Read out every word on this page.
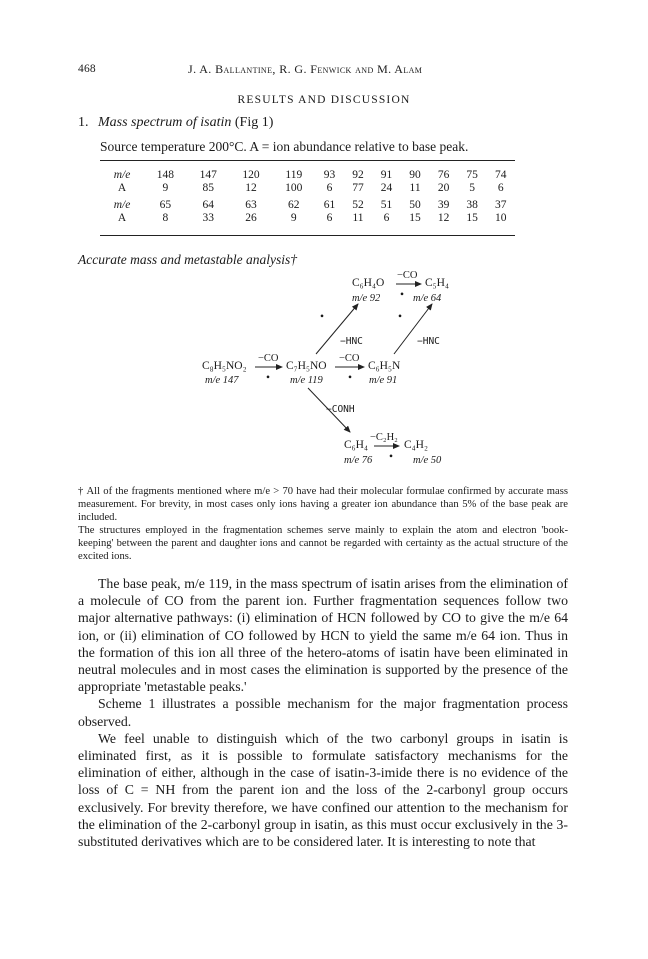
468	J. A. Ballantine, R. G. Fenwick and M. Alam
RESULTS AND DISCUSSION
1. Mass spectrum of isatin (Fig 1)
Source temperature 200°C. A = ion abundance relative to base peak.
m/e	148	147	120	119	93	92	91	90	76	75	74
A	9	85	12	100	6	77	24	11	20	5	6
m/e	65	64	63	62	61	52	51	50	39	38	37
A	8	33	26	9	6	11	6	15	12	15	10
Accurate mass and metastable analysis†
C₈H₅NO₂
m/e 147
C₇H₅NO
m/e 119
C₆H₅N
m/e 91
C₆H₄O
m/e 92
C₅H₄
m/e 64
C₆H₄
m/e 76
C₄H₂
m/e 50
−CO	−CO
−CO
−C₂H₂
−HNC	−HNC
−CONH
•	•
•	•
•
•
† All of the fragments mentioned where m/e > 70 have had their molecular formulae confirmed by accurate mass measurement. For brevity, in most cases only ions having a greater ion abundance than 5% of the base peak are included.
The structures employed in the fragmentation schemes serve mainly to explain the atom and electron 'book-keeping' between the parent and daughter ions and cannot be regarded with certainty as the actual structure of the excited ions.

The base peak, m/e 119, in the mass spectrum of isatin arises from the elimination of a molecule of CO from the parent ion. Further fragmentation sequences follow two major alternative pathways: (i) elimination of HCN followed by CO to give the m/e 64 ion, or (ii) elimination of CO followed by HCN to yield the same m/e 64 ion. Thus in the formation of this ion all three of the hetero-atoms of isatin have been eliminated in neutral molecules and in most cases the elimination is supported by the presence of the appropriate 'metastable peaks.'

Scheme 1 illustrates a possible mechanism for the major fragmentation process observed.

We feel unable to distinguish which of the two carbonyl groups in isatin is eliminated first, as it is possible to formulate satisfactory mechanisms for the elimination of either, although in the case of isatin-3-imide there is no evidence of the loss of C = NH from the parent ion and the loss of the 2-carbonyl group occurs exclusively. For brevity therefore, we have confined our attention to the mechanism for the elimination of the 2-carbonyl group in isatin, as this must occur exclusively in the 3-substituted derivatives which are to be considered later. It is interesting to note that
